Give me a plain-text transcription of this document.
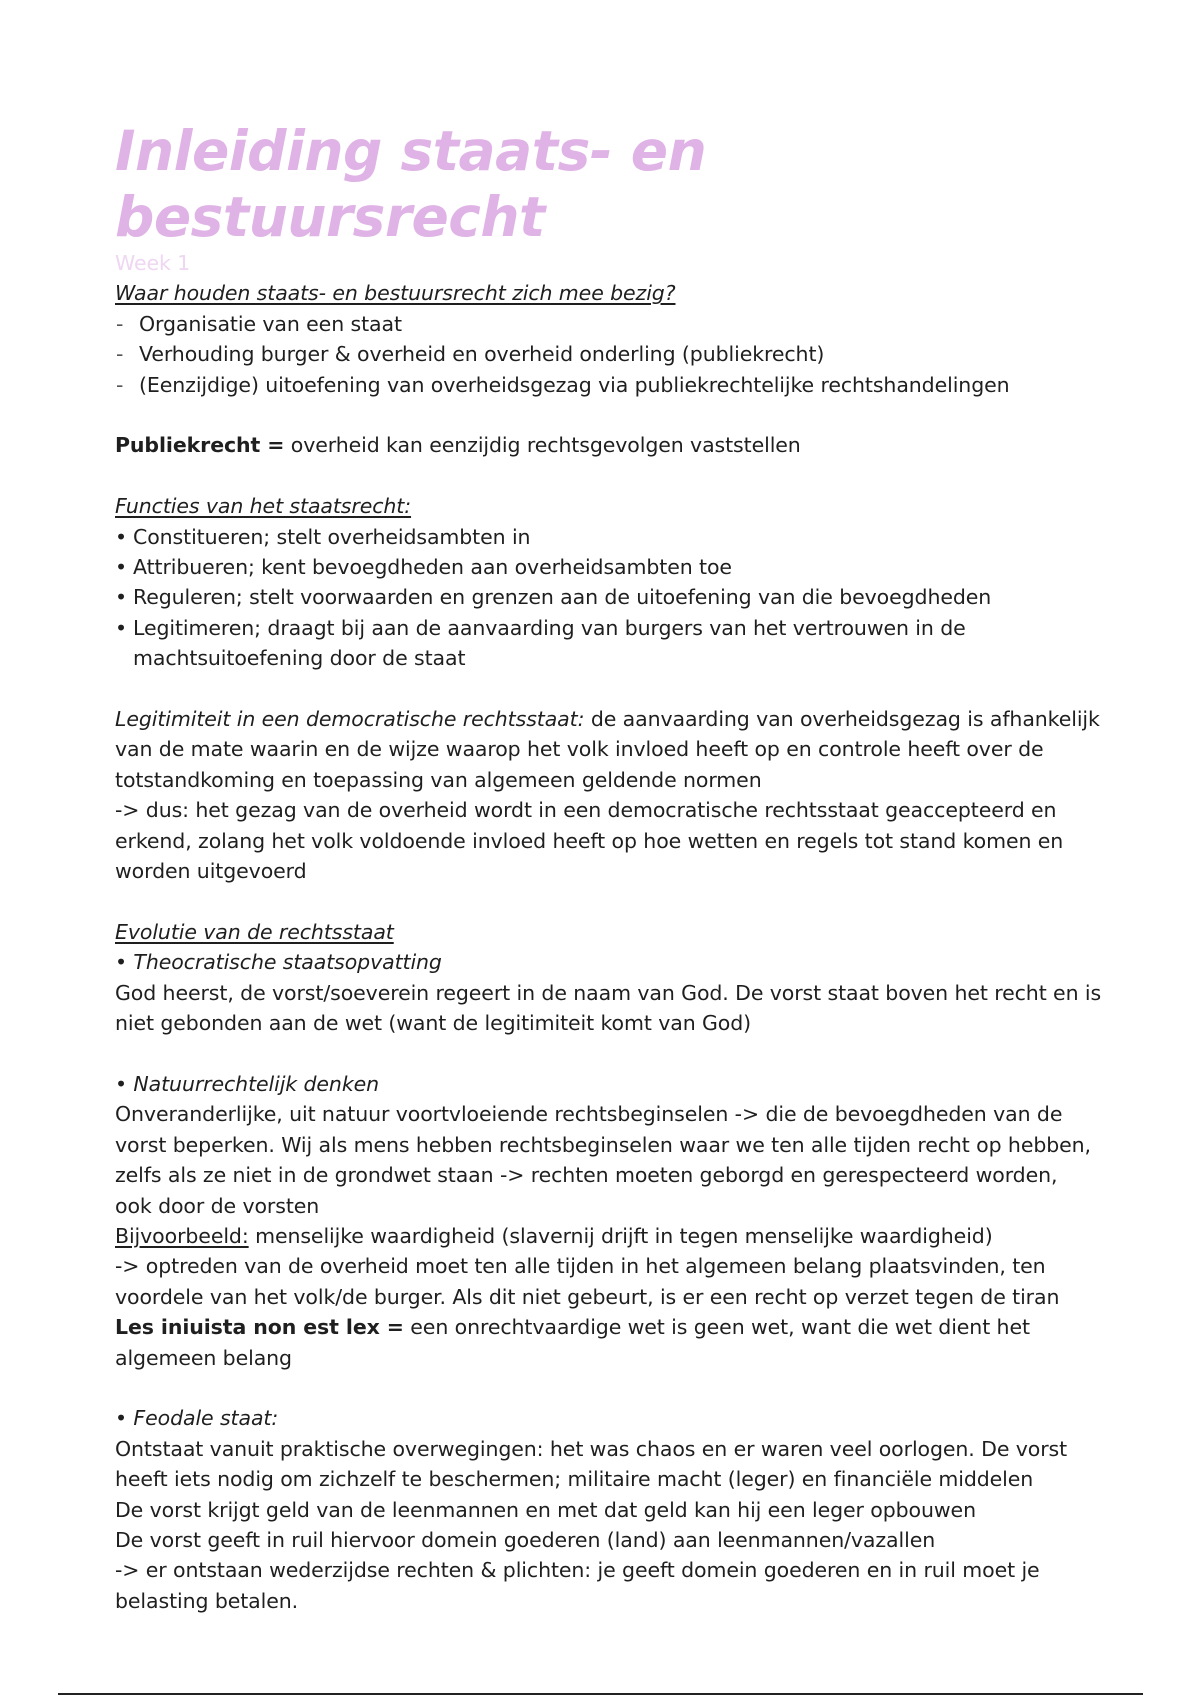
Inleiding staats- en bestuursrecht
Week 1
Waar houden staats- en bestuursrecht zich mee bezig?
- Organisatie van een staat
- Verhouding burger & overheid en overheid onderling (publiekrecht)
- (Eenzijdige) uitoefening van overheidsgezag via publiekrechtelijke rechtshandelingen
Publiekrecht = overheid kan eenzijdig rechtsgevolgen vaststellen
Functies van het staatsrecht:
• Constitueren; stelt overheidsambten in
• Attribueren; kent bevoegdheden aan overheidsambten toe
• Reguleren; stelt voorwaarden en grenzen aan de uitoefening van die bevoegdheden
• Legitimeren; draagt bij aan de aanvaarding van burgers van het vertrouwen in de
machtsuitoefening door de staat
Legitimiteit in een democratische rechtsstaat: de aanvaarding van overheidsgezag is afhankelijk
van de mate waarin en de wijze waarop het volk invloed heeft op en controle heeft over de
totstandkoming en toepassing van algemeen geldende normen
-> dus: het gezag van de overheid wordt in een democratische rechtsstaat geaccepteerd en
erkend, zolang het volk voldoende invloed heeft op hoe wetten en regels tot stand komen en
worden uitgevoerd
Evolutie van de rechtsstaat
• Theocratische staatsopvatting
God heerst, de vorst/soeverein regeert in de naam van God. De vorst staat boven het recht en is
niet gebonden aan de wet (want de legitimiteit komt van God)
• Natuurrechtelijk denken
Onveranderlijke, uit natuur voortvloeiende rechtsbeginselen -> die de bevoegdheden van de
vorst beperken. Wij als mens hebben rechtsbeginselen waar we ten alle tijden recht op hebben,
zelfs als ze niet in de grondwet staan -> rechten moeten geborgd en gerespecteerd worden,
ook door de vorsten
Bijvoorbeeld: menselijke waardigheid (slavernij drijft in tegen menselijke waardigheid)
-> optreden van de overheid moet ten alle tijden in het algemeen belang plaatsvinden, ten
voordele van het volk/de burger. Als dit niet gebeurt, is er een recht op verzet tegen de tiran
Les iniuista non est lex = een onrechtvaardige wet is geen wet, want die wet dient het
algemeen belang
• Feodale staat:
Ontstaat vanuit praktische overwegingen: het was chaos en er waren veel oorlogen. De vorst
heeft iets nodig om zichzelf te beschermen; militaire macht (leger) en financiële middelen
De vorst krijgt geld van de leenmannen en met dat geld kan hij een leger opbouwen
De vorst geeft in ruil hiervoor domein goederen (land) aan leenmannen/vazallen
-> er ontstaan wederzijdse rechten & plichten: je geeft domein goederen en in ruil moet je
belasting betalen.
